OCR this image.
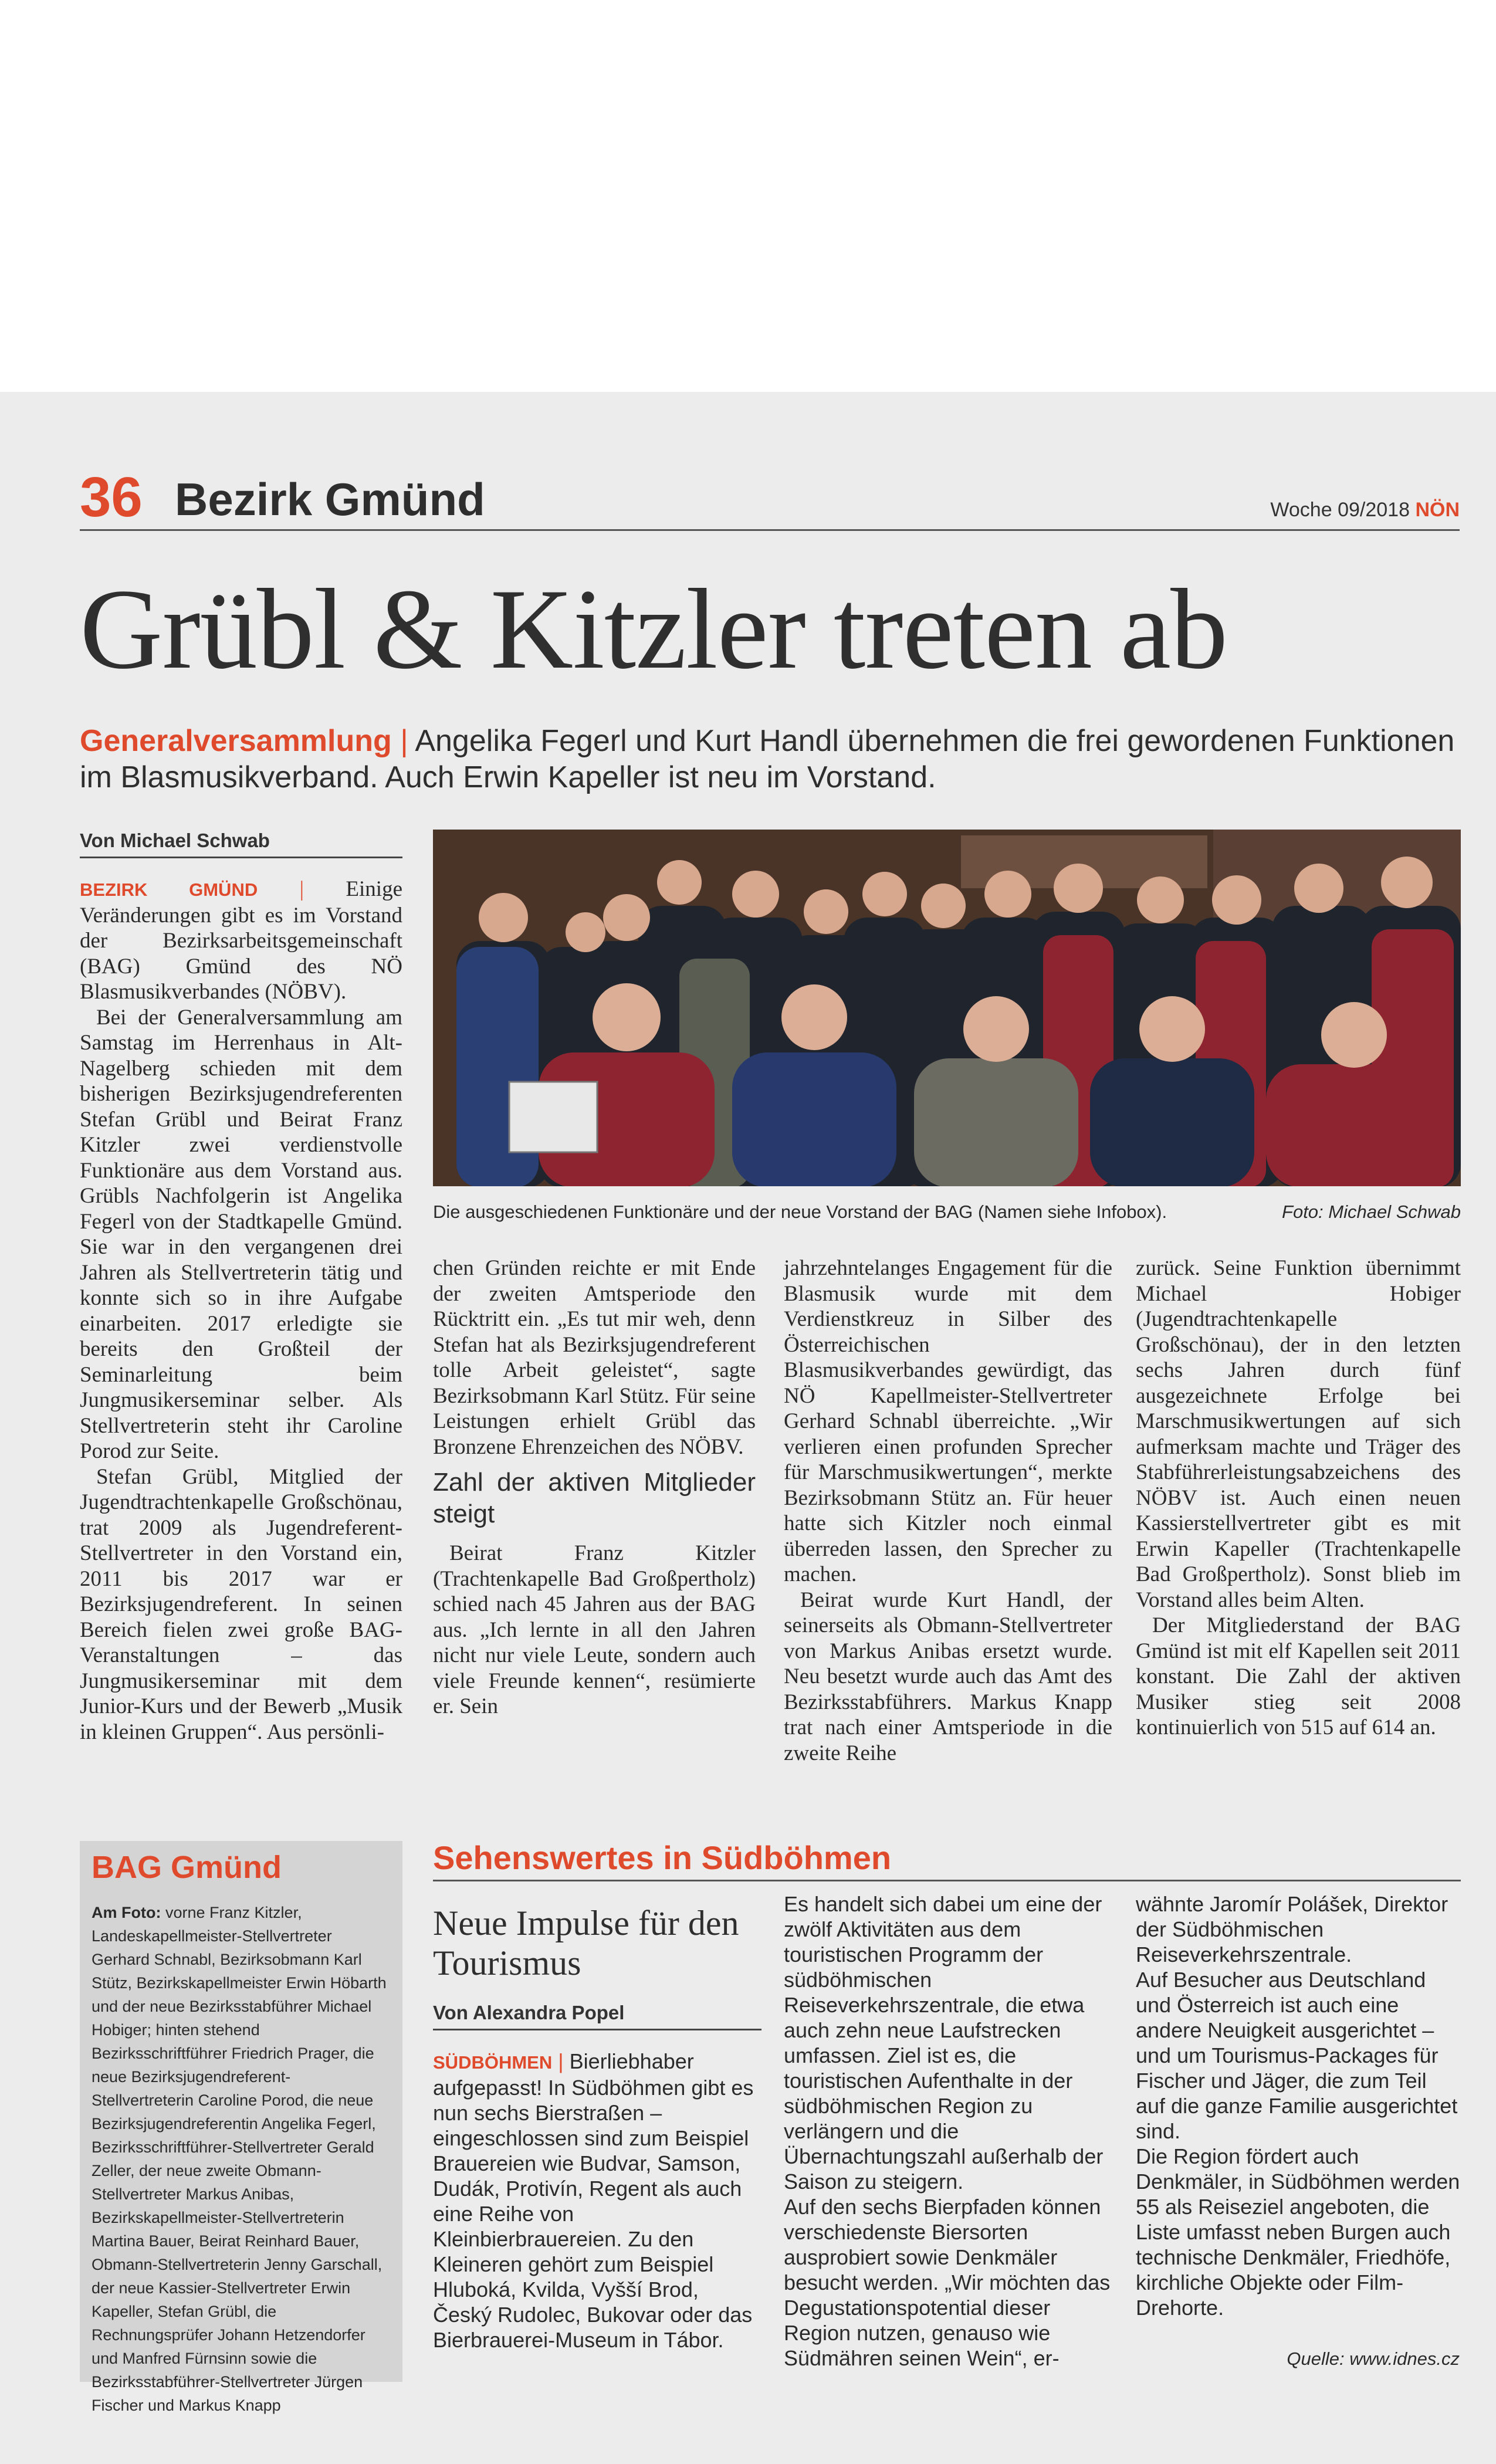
36 Bezirk Gmünd	Woche 09/2018 NÖN
Grübl & Kitzler treten ab
Generalversammlung | Angelika Fegerl und Kurt Handl übernehmen die frei gewordenen Funktionen im Blasmusikverband. Auch Erwin Kapeller ist neu im Vorstand.
Von Michael Schwab

BEZIRK GMÜND | Einige Veränderungen gibt es im Vorstand der Bezirksarbeitsgemeinschaft (BAG) Gmünd des NÖ Blasmusikverbandes (NÖBV).

Bei der Generalversammlung am Samstag im Herrenhaus in Alt-Nagelberg schieden mit dem bisherigen Bezirksjugendreferenten Stefan Grübl und Beirat Franz Kitzler zwei verdienstvolle Funktionäre aus dem Vorstand aus. Grübls Nachfolgerin ist Angelika Fegerl von der Stadtkapelle Gmünd. Sie war in den vergangenen drei Jahren als Stellvertreterin tätig und konnte sich so in ihre Aufgabe einarbeiten. 2017 erledigte sie bereits den Großteil der Seminarleitung beim Jungmusikerseminar selber. Als Stellvertreterin steht ihr Caroline Porod zur Seite.

Stefan Grübl, Mitglied der Jugendtrachtenkapelle Großschönau, trat 2009 als Jugendreferent-Stellvertreter in den Vorstand ein, 2011 bis 2017 war er Bezirksjugendreferent. In seinen Bereich fielen zwei große BAG-Veranstaltungen – das Jungmusikerseminar mit dem Junior-Kurs und der Bewerb „Musik in kleinen Gruppen“. Aus persönli-

Die ausgeschiedenen Funktionäre und der neue Vorstand der BAG (Namen siehe Infobox).	Foto: Michael Schwab

chen Gründen reichte er mit Ende der zweiten Amtsperiode den Rücktritt ein. „Es tut mir weh, denn Stefan hat als Bezirksjugendreferent tolle Arbeit geleistet“, sagte Bezirksobmann Karl Stütz. Für seine Leistungen erhielt Grübl das Bronzene Ehrenzeichen des NÖBV.

Zahl der aktiven Mitglieder steigt

Beirat Franz Kitzler (Trachtenkapelle Bad Großpertholz) schied nach 45 Jahren aus der BAG aus. „Ich lernte in all den Jahren nicht nur viele Leute, sondern auch viele Freunde kennen“, resümierte er. Sein

jahrzehntelanges Engagement für die Blasmusik wurde mit dem Verdienstkreuz in Silber des Österreichischen Blasmusikverbandes gewürdigt, das NÖ Kapellmeister-Stellvertreter Gerhard Schnabl überreichte. „Wir verlieren einen profunden Sprecher für Marschmusikwertungen“, merkte Bezirksobmann Stütz an. Für heuer hatte sich Kitzler noch einmal überreden lassen, den Sprecher zu machen.

Beirat wurde Kurt Handl, der seinerseits als Obmann-Stellvertreter von Markus Anibas ersetzt wurde. Neu besetzt wurde auch das Amt des Bezirksstabführers. Markus Knapp trat nach einer Amtsperiode in die zweite Reihe

zurück. Seine Funktion übernimmt Michael Hobiger (Jugendtrachtenkapelle Großschönau), der in den letzten sechs Jahren durch fünf ausgezeichnete Erfolge bei Marschmusikwertungen auf sich aufmerksam machte und Träger des Stabführerleistungsabzeichens des NÖBV ist. Auch einen neuen Kassierstellvertreter gibt es mit Erwin Kapeller (Trachtenkapelle Bad Großpertholz). Sonst blieb im Vorstand alles beim Alten.

Der Mitgliederstand der BAG Gmünd ist mit elf Kapellen seit 2011 konstant. Die Zahl der aktiven Musiker stieg seit 2008 kontinuierlich von 515 auf 614 an.

BAG Gmünd
Am Foto: vorne Franz Kitzler, Landeskapellmeister-Stellvertreter Gerhard Schnabl, Bezirksobmann Karl Stütz, Bezirkskapellmeister Erwin Höbarth und der neue Bezirksstabführer Michael Hobiger; hinten stehend Bezirksschriftführer Friedrich Prager, die neue Bezirksjugendreferent-Stellvertreterin Caroline Porod, die neue Bezirksjugendreferentin Angelika Fegerl, Bezirksschriftführer-Stellvertreter Gerald Zeller, der neue zweite Obmann-Stellvertreter Markus Anibas, Bezirkskapellmeister-Stellvertreterin Martina Bauer, Beirat Reinhard Bauer, Obmann-Stellvertreterin Jenny Garschall, der neue Kassier-Stellvertreter Erwin Kapeller, Stefan Grübl, die Rechnungsprüfer Johann Hetzendorfer und Manfred Fürnsinn sowie die Bezirksstabführer-Stellvertreter Jürgen Fischer und Markus Knapp
Sehenswertes in Südböhmen
Neue Impulse für den Tourismus
Von Alexandra Popel

SÜDBÖHMEN | Bierliebhaber aufgepasst! In Südböhmen gibt es nun sechs Bierstraßen – eingeschlossen sind zum Beispiel Brauereien wie Budvar, Samson, Dudák, Protivín, Regent als auch eine Reihe von Kleinbierbrauereien. Zu den Kleineren gehört zum Beispiel Hluboká, Kvilda, Vyšší Brod, Český Rudolec, Bukovar oder das Bierbrauerei-Museum in Tábor.

Es handelt sich dabei um eine der zwölf Aktivitäten aus dem touristischen Programm der südböhmischen Reiseverkehrszentrale, die etwa auch zehn neue Laufstrecken umfassen. Ziel ist es, die touristischen Aufenthalte in der südböhmischen Region zu verlängern und die Übernachtungszahl außerhalb der Saison zu steigern.

Auf den sechs Bierpfaden können verschiedenste Biersorten ausprobiert sowie Denkmäler besucht werden. „Wir möchten das Degustationspotential dieser Region nutzen, genauso wie Südmähren seinen Wein“, er-

wähnte Jaromír Polášek, Direktor der Südböhmischen Reiseverkehrszentrale.

Auf Besucher aus Deutschland und Österreich ist auch eine andere Neuigkeit ausgerichtet – und um Tourismus-Packages für Fischer und Jäger, die zum Teil auf die ganze Familie ausgerichtet sind.

Die Region fördert auch Denkmäler, in Südböhmen werden 55 als Reiseziel angeboten, die Liste umfasst neben Burgen auch technische Denkmäler, Friedhöfe, kirchliche Objekte oder Film-Drehorte.

Quelle: www.idnes.cz
